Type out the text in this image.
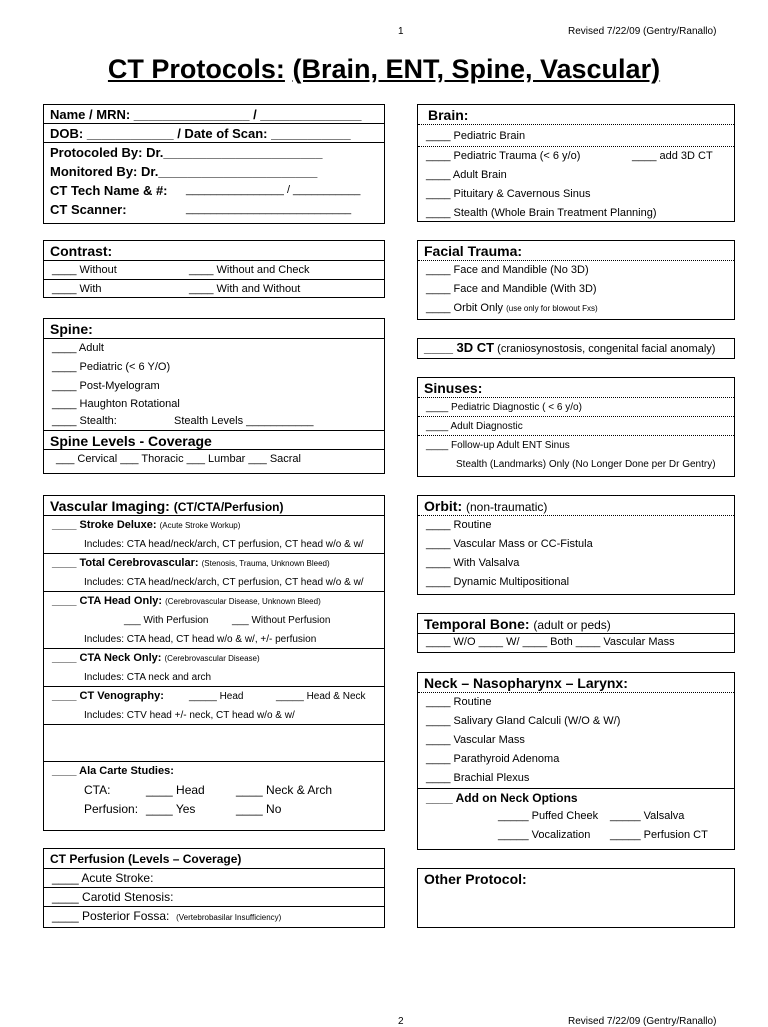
1	Revised 7/22/09 (Gentry/Ranallo)
CT Protocols: (Brain, ENT, Spine, Vascular)
Name / MRN: ________________ / ______________
DOB: ____________ / Date of Scan: ___________
Protocoled By: Dr.______________________
Monitored By: Dr.______________________
CT Tech Name & #: ________________ / ___________
CT Scanner:	___________________________
Contrast:
____ Without	____ Without and Check
____ With	____ With and Without
Spine:
____ Adult
____ Pediatric (< 6 Y/O)
____ Post-Myelogram
____ Haughton Rotational
____ Stealth:	Stealth Levels ___________
Spine Levels - Coverage
___ Cervical ___ Thoracic ___ Lumbar ___ Sacral
Vascular Imaging: (CT/CTA/Perfusion)
____ Stroke Deluxe: (Acute Stroke Workup)
Includes: CTA head/neck/arch, CT perfusion, CT head w/o & w/
____ Total Cerebrovascular: (Stenosis, Trauma, Unknown Bleed)
Includes: CTA head/neck/arch, CT perfusion, CT head w/o & w/
____ CTA Head Only: (Cerebrovascular Disease, Unknown Bleed)
___ With Perfusion ___ Without Perfusion
Includes: CTA head, CT head w/o & w/, +/- perfusion
____ CTA Neck Only: (Cerebrovascular Disease)
Includes: CTA neck and arch
____ CT Venography:	_____ Head	_____ Head & Neck
Includes: CTV head +/- neck, CT head w/o & w/
____ Ala Carte Studies:
CTA:	____ Head	____ Neck & Arch
Perfusion: ____ Yes	____ No
CT Perfusion (Levels – Coverage)
____ Acute Stroke:
____ Carotid Stenosis:
____ Posterior Fossa: (Vertebrobasilar Insufficiency)
Brain:
____ Pediatric Brain
____ Pediatric Trauma (< 6 y/o)	____ add 3D CT
____ Adult Brain
____ Pituitary & Cavernous Sinus
____ Stealth (Whole Brain Treatment Planning)
Facial Trauma:
____ Face and Mandible (No 3D)
____ Face and Mandible (With 3D)
____ Orbit Only (use only for blowout Fxs)
____ 3D CT (craniosynostosis, congenital facial anomaly)
Sinuses:
____ Pediatric Diagnostic ( < 6 y/o)
____ Adult Diagnostic
____ Follow-up Adult ENT Sinus
Stealth (Landmarks) Only (No Longer Done per Dr Gentry)
Orbit: (non-traumatic)
____ Routine
____ Vascular Mass or CC-Fistula
____ With Valsalva
____ Dynamic Multipositional
Temporal Bone: (adult or peds)
____ W/O ____ W/ ____ Both ____ Vascular Mass
Neck – Nasopharynx – Larynx:
____ Routine
____ Salivary Gland Calculi (W/O & W/)
____ Vascular Mass
____ Parathyroid Adenoma
____ Brachial Plexus
____ Add on Neck Options
_____ Puffed Cheek _____ Valsalva
_____ Vocalization _____ Perfusion CT
Other Protocol:
2	Revised 7/22/09 (Gentry/Ranallo)
